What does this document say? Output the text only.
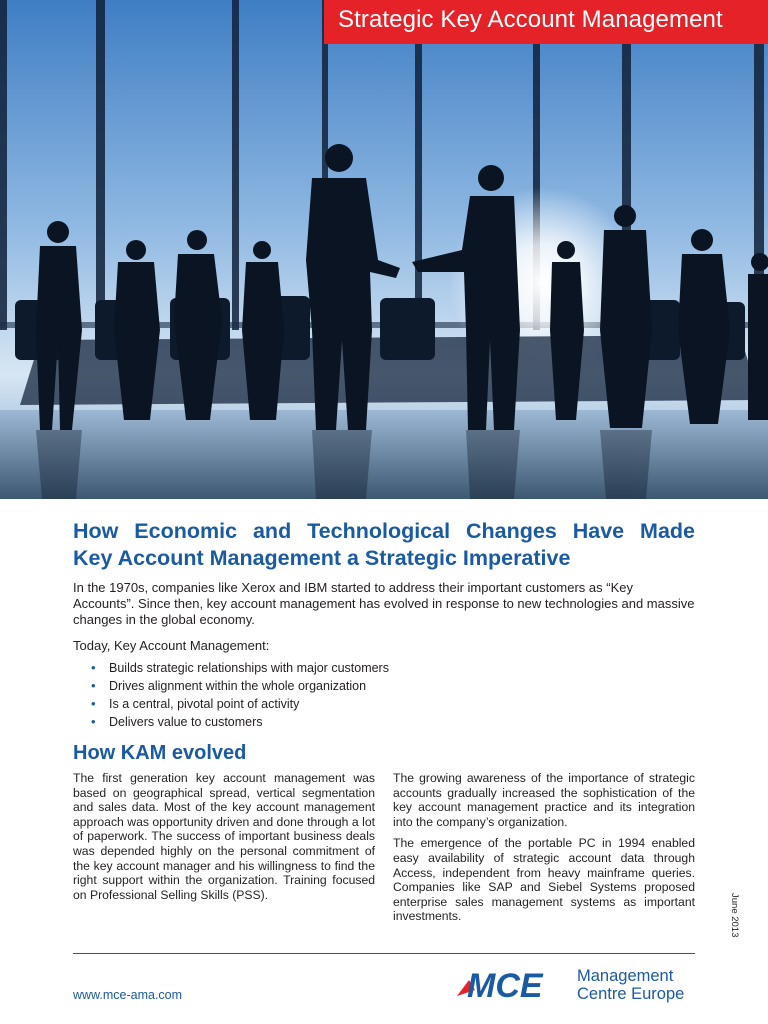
Strategic Key Account Management
How Economic and Technological Changes Have Made
Key Account Management a Strategic Imperative

In the 1970s, companies like Xerox and IBM started to address their important customers as “Key Accounts”. Since then, key account management has evolved in response to new technologies and massive changes in the global economy.

Today, Key Account Management:

• Builds strategic relationships with major customers
• Drives alignment within the whole organization
• Is a central, pivotal point of activity
• Delivers value to customers
How KAM evolved

The first generation key account management was based on geographical spread, vertical segmentation and sales data. Most of the key account management approach was opportunity driven and done through a lot of paperwork. The success of important business deals was depended highly on the personal commitment of the key account manager and his willingness to find the right support within the organization. Training focused on Professional Selling Skills (PSS).

The growing awareness of the importance of strategic accounts gradually increased the sophistication of the key account management practice and its integration into the company’s organization.

The emergence of the portable PC in 1994 enabled easy availability of strategic account data through Access, independent from heavy mainframe queries. Companies like SAP and Siebel Systems proposed enterprise sales management systems as important investments.	June 2013
www.mce-ama.com	MCE Management
Centre Europe
